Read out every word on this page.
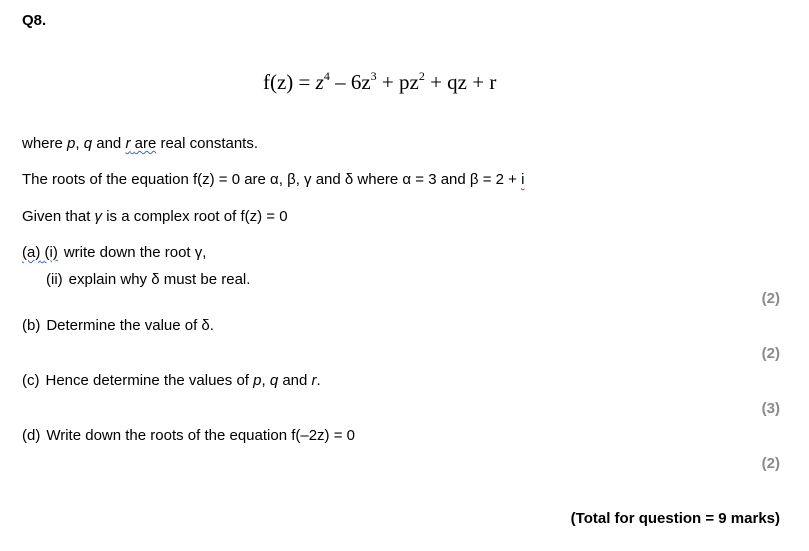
Q8.
$f(z) = z^4 - 6z^3 + pz^2$ + qz + r
where p, q and r are real constants.
The roots of the equation f(z) = 0 are α, β, γ and δ where α = 3 and β = 2 + i
Given that γ is a complex root of f(z) = 0
(a) (i) write down the root γ,
(ii) explain why δ must be real.
(2)
(b) Determine the value of δ.
(2)
(c) Hence determine the values of p, q and r.
(3)
(d) Write down the roots of the equation f(–2z) = 0
(2)
(Total for question = 9 marks)
